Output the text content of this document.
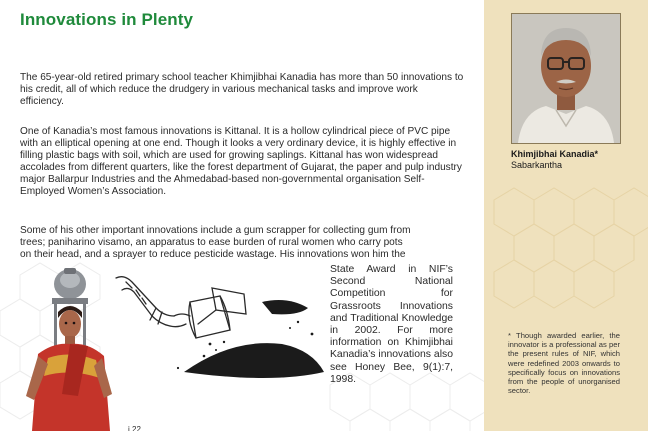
Innovations in Plenty

The 65-year-old retired primary school teacher Khimjibhai Kanadia has more than 50 innovations to his credit, all of which reduce the drudgery in various mechanical tasks and improve work efficiency.

One of Kanadia’s most famous innovations is Kittanal. It is a hollow cylindrical piece of PVC pipe with an elliptical opening at one end. Though it looks a very ordinary device, it is highly effective in filling plastic bags with soil, which are used for growing saplings. Kittanal has won widespread accolades from different quarters, like the forest department of Gujarat, the paper and pulp industry major Ballarpur Industries and the Ahmedabad-based non-governmental organisation Self-Employed Women’s Association.

Some of his other important innovations include a gum scrapper for collecting gum from
trees; paniharino visamo, an apparatus to ease burden of rural women who carry pots
on their head, and a sprayer to reduce pesticide wastage. His innovations won him the

State Award in NIF’s Second National Competition for Grassroots Innovations and Traditional Knowledge in 2002. For more information on Khimjibhai Kanadia’s innovations also see Honey Bee, 9(1):7, 1998.

i 22
Khimjibhai Kanadia*
Sabarkantha

* Though awarded earlier, the innovator is a professional as per the present rules of NIF, which were redefined 2003 onwards to specifically focus on innovations from the people of unorganised sector.
